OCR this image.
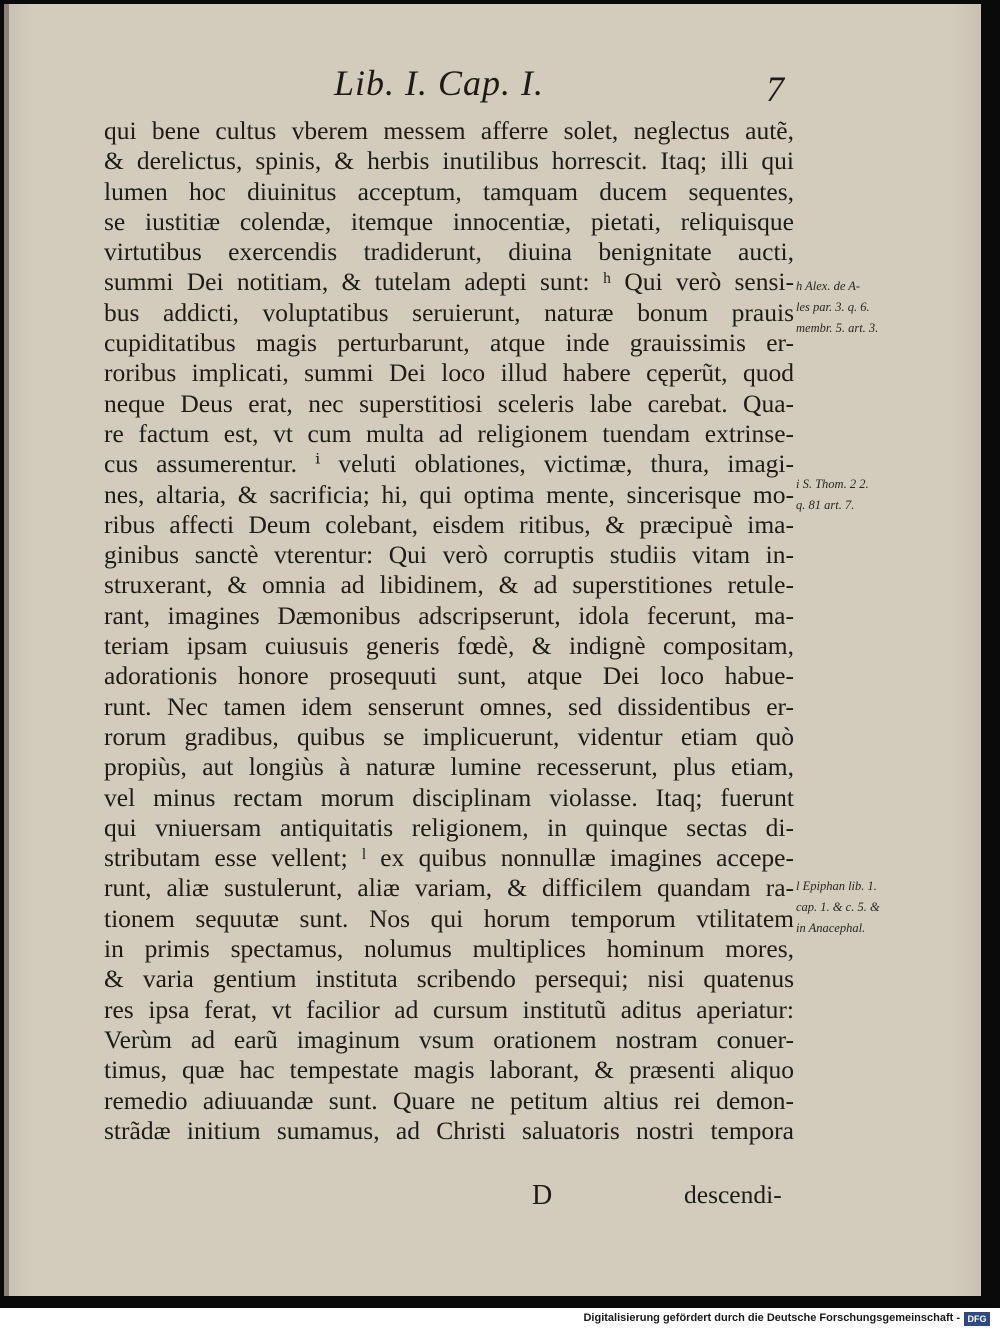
Lib. I. Cap. I.	7
qui bene cultus vberem messem afferre solet, neglectus autẽ,
& derelictus, spinis, & herbis inutilibus horrescit. Itaq; illi qui
lumen hoc diuinitus acceptum, tamquam ducem sequentes,
se iustitiæ colendæ, itemque innocentiæ, pietati, reliquisque
virtutibus exercendis tradiderunt, diuina benignitate aucti,
summi Dei notitiam, & tutelam adepti sunt: ʰ Qui verò sensi-
bus addicti, voluptatibus seruierunt, naturæ bonum prauis
cupiditatibus magis perturbarunt, atque inde grauissimis er-
roribus implicati, summi Dei loco illud habere cęperũt, quod
neque Deus erat, nec superstitiosi sceleris labe carebat. Qua-
re factum est, vt cum multa ad religionem tuendam extrinse-
cus assumerentur. ⁱ veluti oblationes, victimæ, thura, imagi-
nes, altaria, & sacrificia; hi, qui optima mente, sincerisque mo-
ribus affecti Deum colebant, eisdem ritibus, & præcipuè ima-
ginibus sanctè vterentur: Qui verò corruptis studiis vitam in-
struxerant, & omnia ad libidinem, & ad superstitiones retule-
rant, imagines Dæmonibus adscripserunt, idola fecerunt, ma-
teriam ipsam cuiusuis generis fœdè, & indignè compositam,
adorationis honore prosequuti sunt, atque Dei loco habue-
runt. Nec tamen idem senserunt omnes, sed dissidentibus er-
rorum gradibus, quibus se implicuerunt, videntur etiam quò
propiùs, aut longiùs à naturæ lumine recesserunt, plus etiam,
vel minus rectam morum disciplinam violasse. Itaq; fuerunt
qui vniuersam antiquitatis religionem, in quinque sectas di-
stributam esse vellent; ˡ ex quibus nonnullæ imagines accepe-
runt, aliæ sustulerunt, aliæ variam, & difficilem quandam ra-
tionem sequutæ sunt. Nos qui horum temporum vtilitatem
in primis spectamus, nolumus multiplices hominum mores,
& varia gentium instituta scribendo persequi; nisi quatenus
res ipsa ferat, vt facilior ad cursum institutũ aditus aperiatur:
Verùm ad earũ imaginum vsum orationem nostram conuer-
timus, quæ hac tempestate magis laborant, & præsenti aliquo
remedio adiuuandæ sunt. Quare ne petitum altius rei demon-
strãdæ initium sumamus, ad Christi saluatoris nostri tempora
h Alex. de A-
les par. 3. q. 6.
membr. 5. art. 3.
i S. Thom. 2 2.
q. 81 art. 7.
l Epiphan lib. 1.
cap. 1. & c. 5. &
in Anacephal.
D	descendi-
Digitalisierung gefördert durch die Deutsche Forschungsgemeinschaft - DFG
